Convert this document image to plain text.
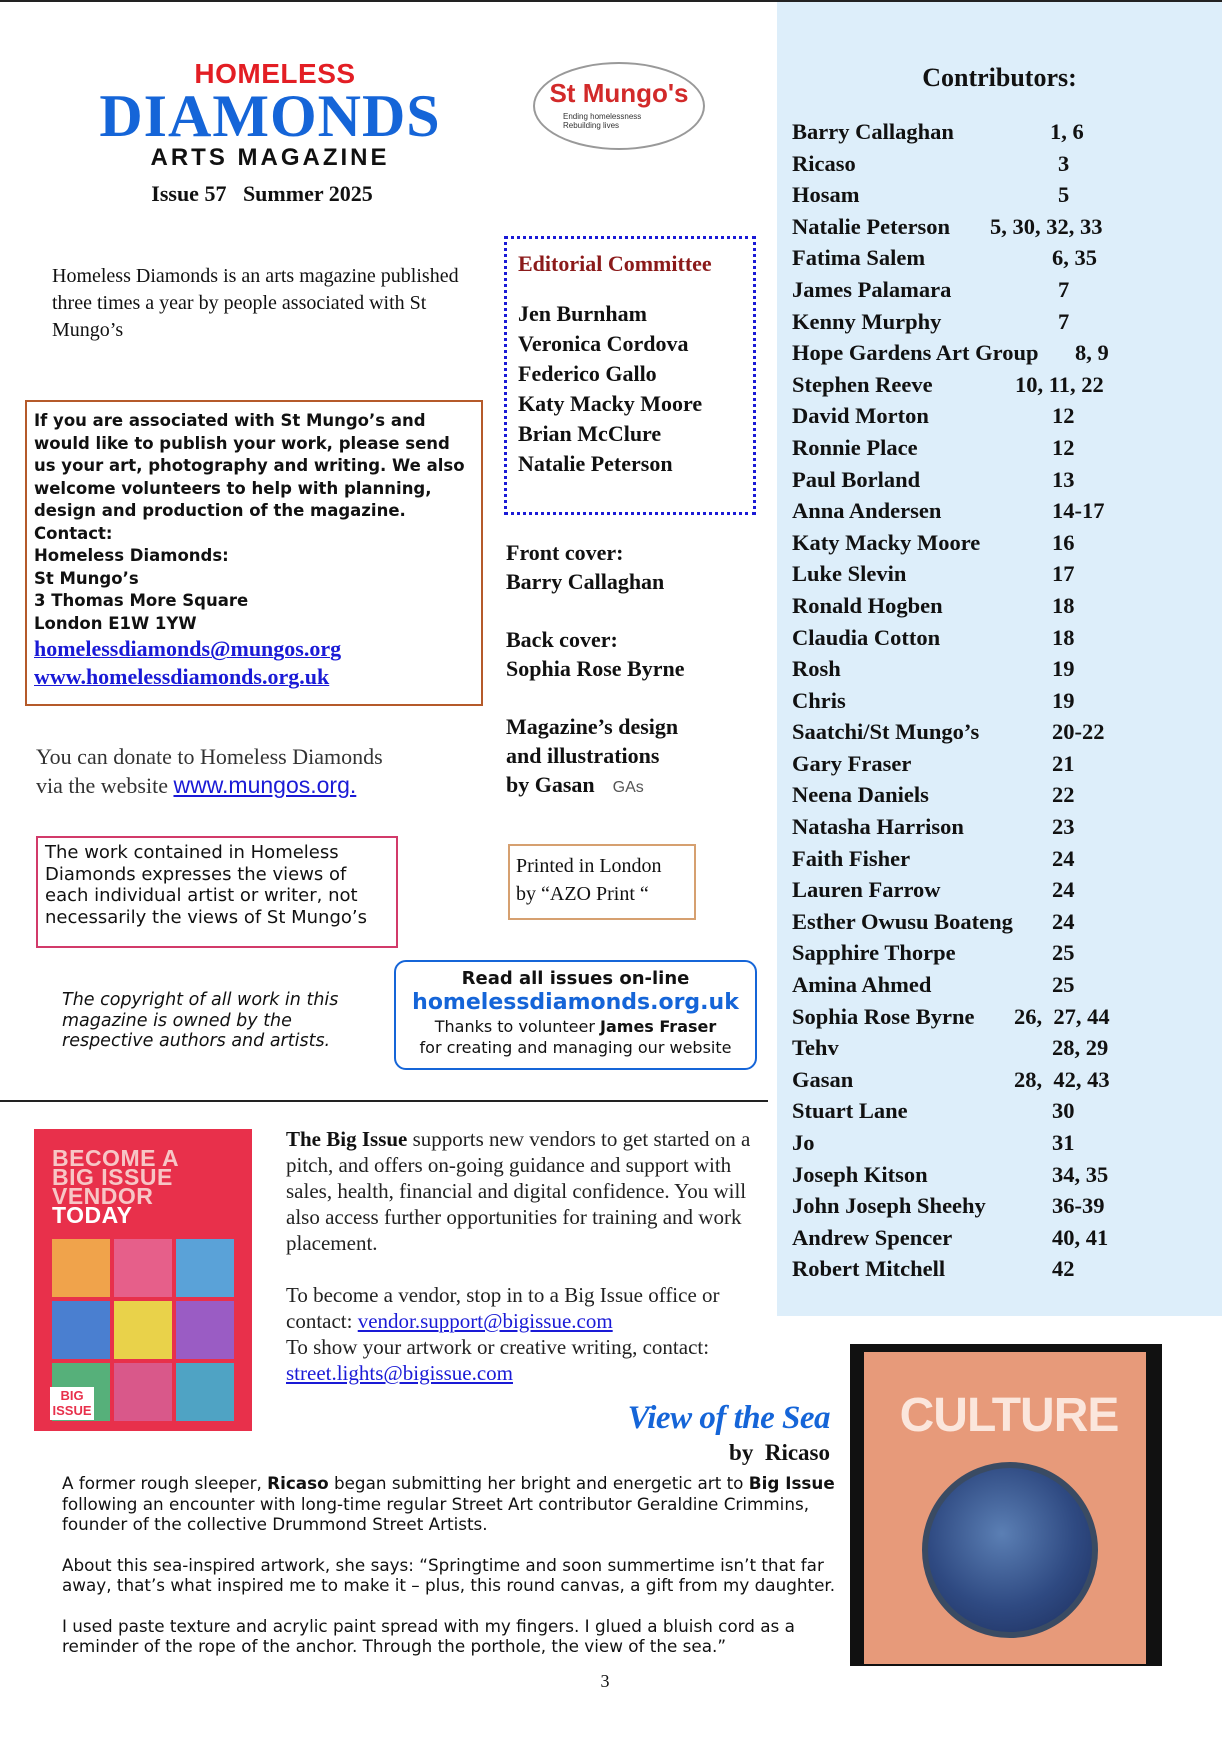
HOMELESS
DIAMONDS
ARTS MAGAZINE
Issue 57   Summer 2025
St Mungo's
Ending homelessness
Rebuilding lives
Homeless Diamonds is an arts magazine published three times a year by people associated with St Mungo’s
If you are associated with St Mungo’s and would like to publish your work, please send us your art, photography and writing. We also welcome volunteers to help with planning, design and production of the magazine.
Contact:
Homeless Diamonds:
St Mungo’s
3 Thomas More Square
London E1W 1YW
homelessdiamonds@mungos.org
www.homelessdiamonds.org.uk
You can donate to Homeless Diamonds
via the website www.mungos.org.
The work contained in Homeless Diamonds expresses the views of each individual artist or writer, not necessarily the views of St Mungo’s
The copyright of all work in this magazine is owned by the respective authors and artists.
Editorial Committee
Jen Burnham
Veronica Cordova
Federico Gallo
Katy Macky Moore
Brian McClure
Natalie Peterson
Front cover:
Barry Callaghan
Back cover:
Sophia Rose Byrne
Magazine’s design
and illustrations
by Gasan GAs
Printed in London
by “AZO Print “
Read all issues on-line
homelessdiamonds.org.uk
Thanks to volunteer James Fraser
for creating and managing our website
Contributors:
Barry Callaghan	1, 6
Ricaso	3
Hosam	5
Natalie Peterson 5, 30, 32, 33
Fatima Salem	6, 35
James Palamara	7
Kenny Murphy	7
Hope Gardens Art Group 8, 9
Stephen Reeve	10, 11, 22
David Morton	12
Ronnie Place	12
Paul Borland	13
Anna Andersen	14-17
Katy Macky Moore	16
Luke Slevin	17
Ronald Hogben	18
Claudia Cotton	18
Rosh	19
Chris	19
Saatchi/St Mungo’s	20-22
Gary Fraser	21
Neena Daniels	22
Natasha Harrison	23
Faith Fisher	24
Lauren Farrow	24
Esther Owusu Boateng 24
Sapphire Thorpe	25
Amina Ahmed	25
Sophia Rose Byrne 26,  27, 44
Tehv	28, 29
Gasan	28,  42, 43
Stuart Lane	30
Jo	31
Joseph Kitson	34, 35
John Joseph Sheehy	36-39
Andrew Spencer	40, 41
Robert Mitchell	42
BECOME A
BIG ISSUE
VENDOR
TODAY
BIG
ISSUE
The Big Issue supports new vendors to get started on a pitch, and offers on-going guidance and support with sales, health, financial and digital confidence. You will also access further opportunities for training and work placement.
To become a vendor, stop in to a Big Issue office or contact: vendor.support@bigissue.com
To show your artwork or creative writing, contact:
street.lights@bigissue.com
View of the Sea
by  Ricaso

A former rough sleeper, Ricaso began submitting her bright and energetic art to Big Issue following an encounter with long-time regular Street Art contributor Geraldine Crimmins, founder of the collective Drummond Street Artists.

About this sea-inspired artwork, she says: “Springtime and soon summertime isn’t that far away, that’s what inspired me to make it – plus, this round canvas, a gift from my daughter.

I used paste texture and acrylic paint spread with my fingers. I glued a bluish cord as a reminder of the rope of the anchor. Through the porthole, the view of the sea.”

CULTURE
3
